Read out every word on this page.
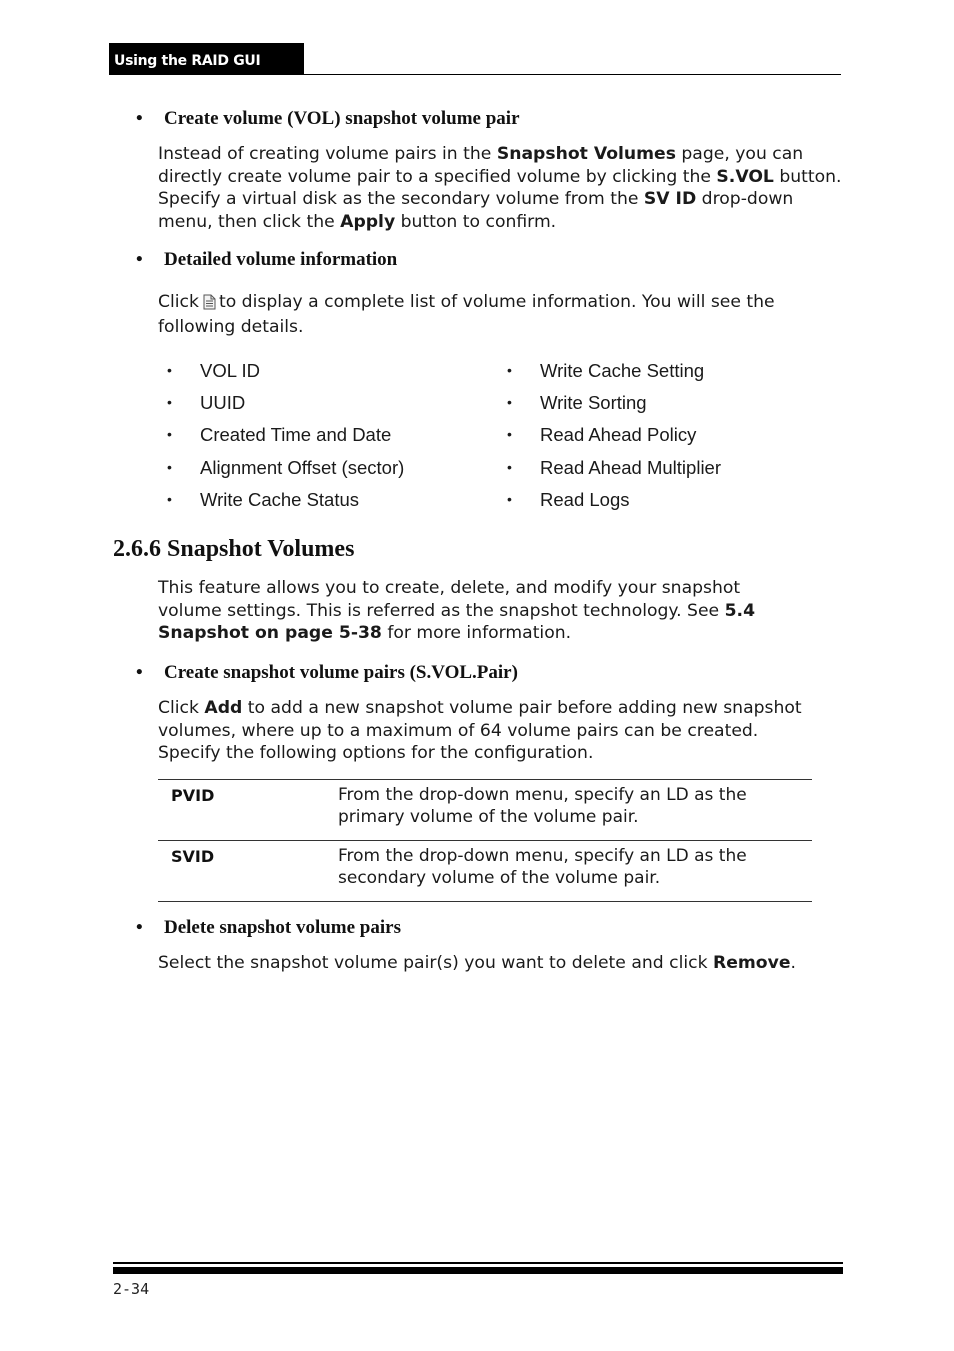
Using the RAID GUI
• Create volume (VOL) snapshot volume pair
Instead of creating volume pairs in the Snapshot Volumes page, you can directly create volume pair to a specified volume by clicking the S.VOL button. Specify a virtual disk as the secondary volume from the SV ID drop-down menu, then click the Apply button to confirm.
• Detailed volume information
Click to display a complete list of volume information. You will see the following details.
• VOL ID
• UUID
• Created Time and Date
• Alignment Offset (sector)
• Write Cache Status
• Write Cache Setting
• Write Sorting
• Read Ahead Policy
• Read Ahead Multiplier
• Read Logs
2.6.6 Snapshot Volumes
This feature allows you to create, delete, and modify your snapshot volume settings. This is referred as the snapshot technology. See 5.4 Snapshot on page 5-38 for more information.
• Create snapshot volume pairs (S.VOL.Pair)
Click Add to add a new snapshot volume pair before adding new snapshot volumes, where up to a maximum of 64 volume pairs can be created. Specify the following options for the configuration.
PVID	From the drop-down menu, specify an LD as the primary volume of the volume pair.
SVID	From the drop-down menu, specify an LD as the secondary volume of the volume pair.
• Delete snapshot volume pairs
Select the snapshot volume pair(s) you want to delete and click Remove.
2-34
